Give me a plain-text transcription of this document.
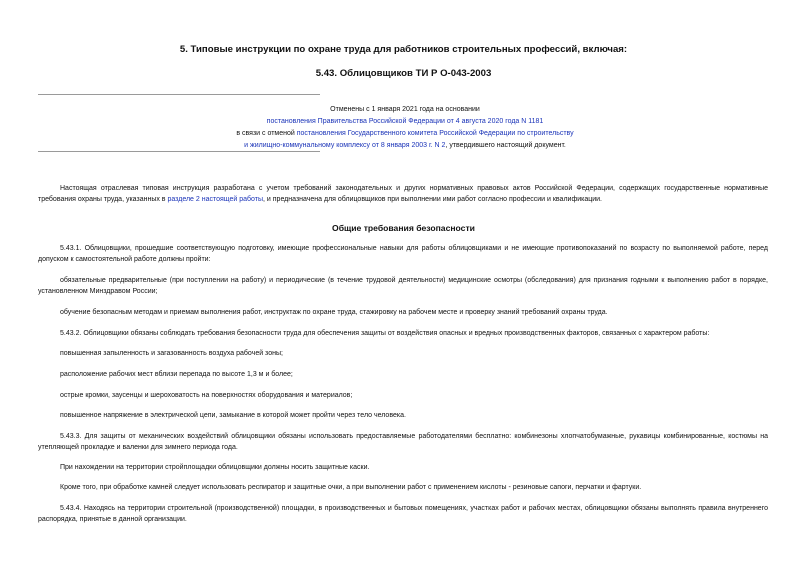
5. Типовые инструкции по охране труда для работников строительных профессий, включая:
5.43. Облицовщиков ТИ Р О-043-2003
Отменены с 1 января 2021 года на основании
постановления Правительства Российской Федерации от 4 августа 2020 года N 1181
в связи с отменой постановления Государственного комитета Российской Федерации по строительству
и жилищно-коммунальному комплексу от 8 января 2003 г. N 2, утвердившего настоящий документ.

Настоящая отраслевая типовая инструкция разработана с учетом требований законодательных и других нормативных правовых актов Российской Федерации, содержащих государственные нормативные требования охраны труда, указанных в разделе 2 настоящей работы, и предназначена для облицовщиков при выполнении ими работ согласно профессии и квалификации.

Общие требования безопасности

5.43.1. Облицовщики, прошедшие соответствующую подготовку, имеющие профессиональные навыки для работы облицовщиками и не имеющие противопоказаний по возрасту по выполняемой работе, перед допуском к самостоятельной работе должны пройти:

обязательные предварительные (при поступлении на работу) и периодические (в течение трудовой деятельности) медицинские осмотры (обследования) для признания годными к выполнению работ в порядке, установленном Минздравом России;

обучение безопасным методам и приемам выполнения работ, инструктаж по охране труда, стажировку на рабочем месте и проверку знаний требований охраны труда.

5.43.2. Облицовщики обязаны соблюдать требования безопасности труда для обеспечения защиты от воздействия опасных и вредных производственных факторов, связанных с характером работы:

повышенная запыленность и загазованность воздуха рабочей зоны;

расположение рабочих мест вблизи перепада по высоте 1,3 м и более;

острые кромки, заусенцы и шероховатость на поверхностях оборудования и материалов;

повышенное напряжение в электрической цепи, замыкание в которой может пройти через тело человека.

5.43.3. Для защиты от механических воздействий облицовщики обязаны использовать предоставляемые работодателями бесплатно: комбинезоны хлопчатобумажные, рукавицы комбинированные, костюмы на утепляющей прокладке и валенки для зимнего периода года.

При нахождении на территории стройплощадки облицовщики должны носить защитные каски.

Кроме того, при обработке камней следует использовать респиратор и защитные очки, а при выполнении работ с применением кислоты - резиновые сапоги, перчатки и фартуки.

5.43.4. Находясь на территории строительной (производственной) площадки, в производственных и бытовых помещениях, участках работ и рабочих местах, облицовщики обязаны выполнять правила внутреннего распорядка, принятые в данной организации.
